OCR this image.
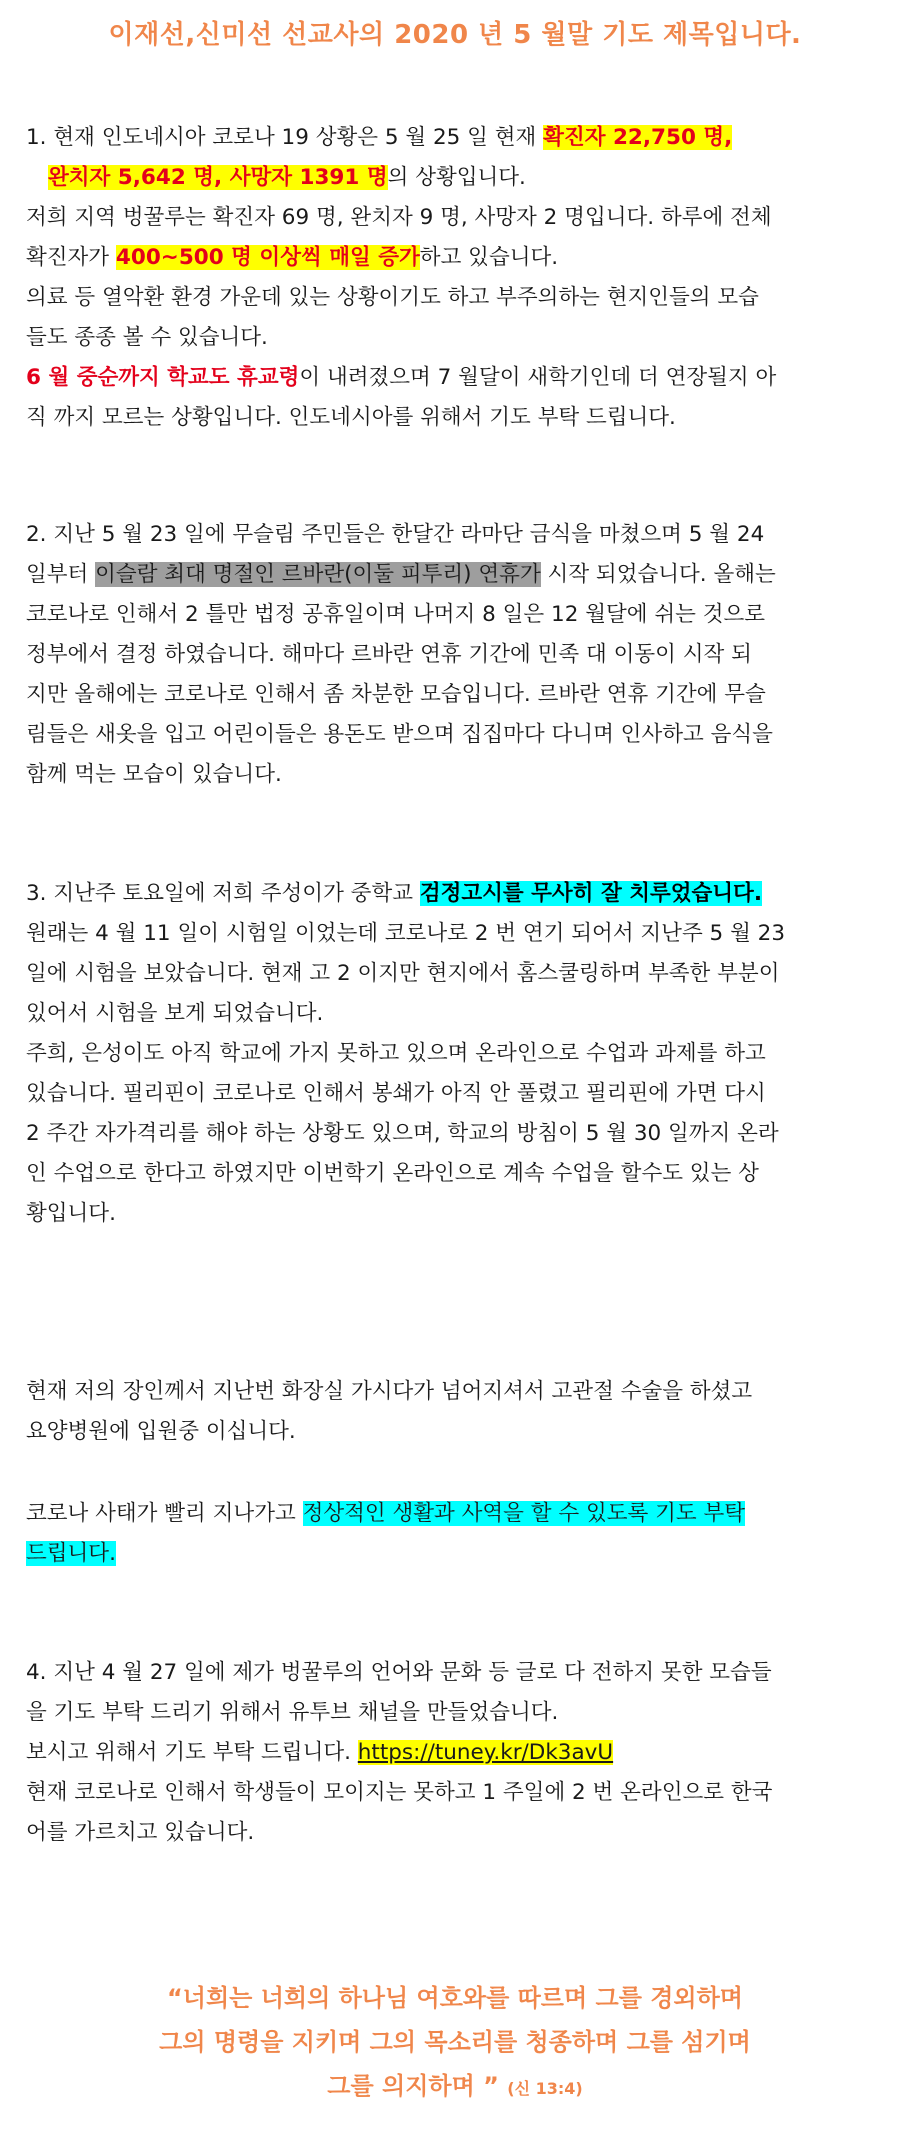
이재선,신미선 선교사의 2020 년 5 월말 기도 제목입니다.
1. 현재 인도네시아 코로나 19 상황은 5 월 25 일 현재 확진자 22,750 명,
완치자 5,642 명, 사망자 1391 명의 상황입니다.
저희 지역 벙꿀루는 확진자 69 명, 완치자 9 명, 사망자 2 명입니다. 하루에 전체
확진자가 400~500 명 이상씩 매일 증가하고 있습니다.
의료 등 열악환 환경 가운데 있는 상황이기도 하고 부주의하는 현지인들의 모습
들도 종종 볼 수 있습니다.
6 월 중순까지 학교도 휴교령이 내려졌으며 7 월달이 새학기인데 더 연장될지 아
직 까지 모르는 상황입니다. 인도네시아를 위해서 기도 부탁 드립니다.
2. 지난 5 월 23 일에 무슬림 주민들은 한달간 라마단 금식을 마쳤으며 5 월 24
일부터 이슬람 최대 명절인 르바란(이둘 피투리) 연휴가 시작 되었습니다. 올해는
코로나로 인해서 2 틀만 법정 공휴일이며 나머지 8 일은 12 월달에 쉬는 것으로
정부에서 결정 하였습니다. 해마다 르바란 연휴 기간에 민족 대 이동이 시작 되
지만 올해에는 코로나로 인해서 좀 차분한 모습입니다. 르바란 연휴 기간에 무슬
림들은 새옷을 입고 어린이들은 용돈도 받으며 집집마다 다니며 인사하고 음식을
함께 먹는 모습이 있습니다.
3. 지난주 토요일에 저희 주성이가 중학교 검정고시를 무사히 잘 치루었습니다.
원래는 4 월 11 일이 시험일 이었는데 코로나로 2 번 연기 되어서 지난주 5 월 23
일에 시험을 보았습니다. 현재 고 2 이지만 현지에서 홈스쿨링하며 부족한 부분이
있어서 시험을 보게 되었습니다.
주희, 은성이도 아직 학교에 가지 못하고 있으며 온라인으로 수업과 과제를 하고
있습니다. 필리핀이 코로나로 인해서 봉쇄가 아직 안 풀렸고 필리핀에 가면 다시
2 주간 자가격리를 해야 하는 상황도 있으며, 학교의 방침이 5 월 30 일까지 온라
인 수업으로 한다고 하였지만 이번학기 온라인으로 계속 수업을 할수도 있는 상
황입니다.
현재 저의 장인께서 지난번 화장실 가시다가 넘어지셔서 고관절 수술을 하셨고
요양병원에 입원중 이십니다.
코로나 사태가 빨리 지나가고 정상적인 생활과 사역을 할 수 있도록 기도 부탁
드립니다.
4. 지난 4 월 27 일에 제가 벙꿀루의 언어와 문화 등 글로 다 전하지 못한 모습들
을 기도 부탁 드리기 위해서 유투브 채널을 만들었습니다.
보시고 위해서 기도 부탁 드립니다. https://tuney.kr/Dk3avU
현재 코로나로 인해서 학생들이 모이지는 못하고 1 주일에 2 번 온라인으로 한국
어를 가르치고 있습니다.
“너희는 너희의 하나님 여호와를 따르며 그를 경외하며
그의 명령을 지키며 그의 목소리를 청종하며 그를 섬기며
그를 의지하며 ” (신 13:4)
